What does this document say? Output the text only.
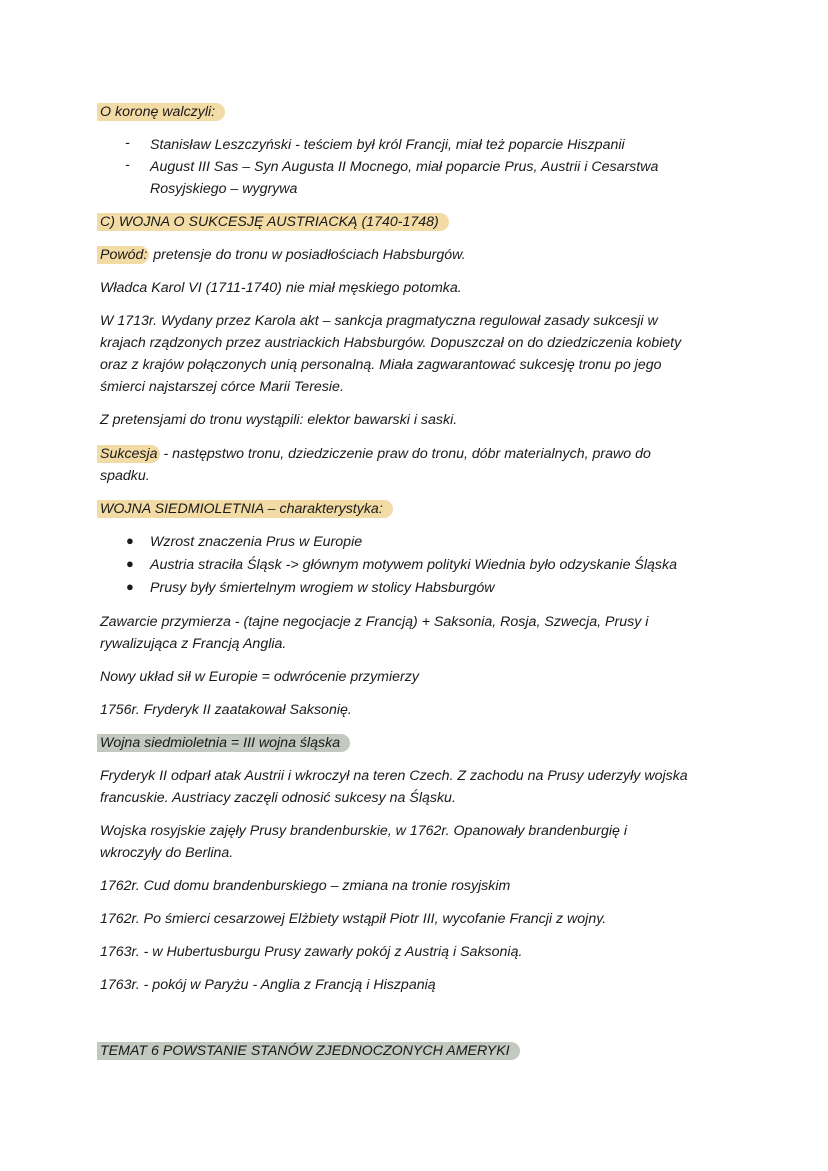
O koronę walczyli:
- Stanisław Leszczyński - teściem był król Francji, miał też poparcie Hiszpanii
- August III Sas – Syn Augusta II Mocnego, miał poparcie Prus, Austrii i Cesarstwa
Rosyjskiego – wygrywa
C) WOJNA O SUKCESJĘ AUSTRIACKĄ (1740-1748)
Powód: pretensje do tronu w posiadłościach Habsburgów.
Władca Karol VI (1711-1740) nie miał męskiego potomka.
W 1713r. Wydany przez Karola akt – sankcja pragmatyczna regulował zasady sukcesji w
krajach rządzonych przez austriackich Habsburgów. Dopuszczał on do dziedziczenia kobiety
oraz z krajów połączonych unią personalną. Miała zagwarantować sukcesję tronu po jego
śmierci najstarszej córce Marii Teresie.
Z pretensjami do tronu wystąpili: elektor bawarski i saski.
Sukcesja - następstwo tronu, dziedziczenie praw do tronu, dóbr materialnych, prawo do
spadku.
WOJNA SIEDMIOLETNIA – charakterystyka:
● Wzrost znaczenia Prus w Europie
● Austria straciła Śląsk -> głównym motywem polityki Wiednia było odzyskanie Śląska
● Prusy były śmiertelnym wrogiem w stolicy Habsburgów
Zawarcie przymierza - (tajne negocjacje z Francją) + Saksonia, Rosja, Szwecja, Prusy i
rywalizująca z Francją Anglia.
Nowy układ sił w Europie = odwrócenie przymierzy
1756r. Fryderyk II zaatakował Saksonię.
Wojna siedmioletnia = III wojna śląska
Fryderyk II odparł atak Austrii i wkroczył na teren Czech. Z zachodu na Prusy uderzyły wojska
francuskie. Austriacy zaczęli odnosić sukcesy na Śląsku.
Wojska rosyjskie zajęły Prusy brandenburskie, w 1762r. Opanowały brandenburgię i
wkroczyły do Berlina.
1762r. Cud domu brandenburskiego – zmiana na tronie rosyjskim
1762r. Po śmierci cesarzowej Elżbiety wstąpił Piotr III, wycofanie Francji z wojny.
1763r. - w Hubertusburgu Prusy zawarły pokój z Austrią i Saksonią.
1763r. - pokój w Paryżu - Anglia z Francją i Hiszpanią
TEMAT 6 POWSTANIE STANÓW ZJEDNOCZONYCH AMERYKI
